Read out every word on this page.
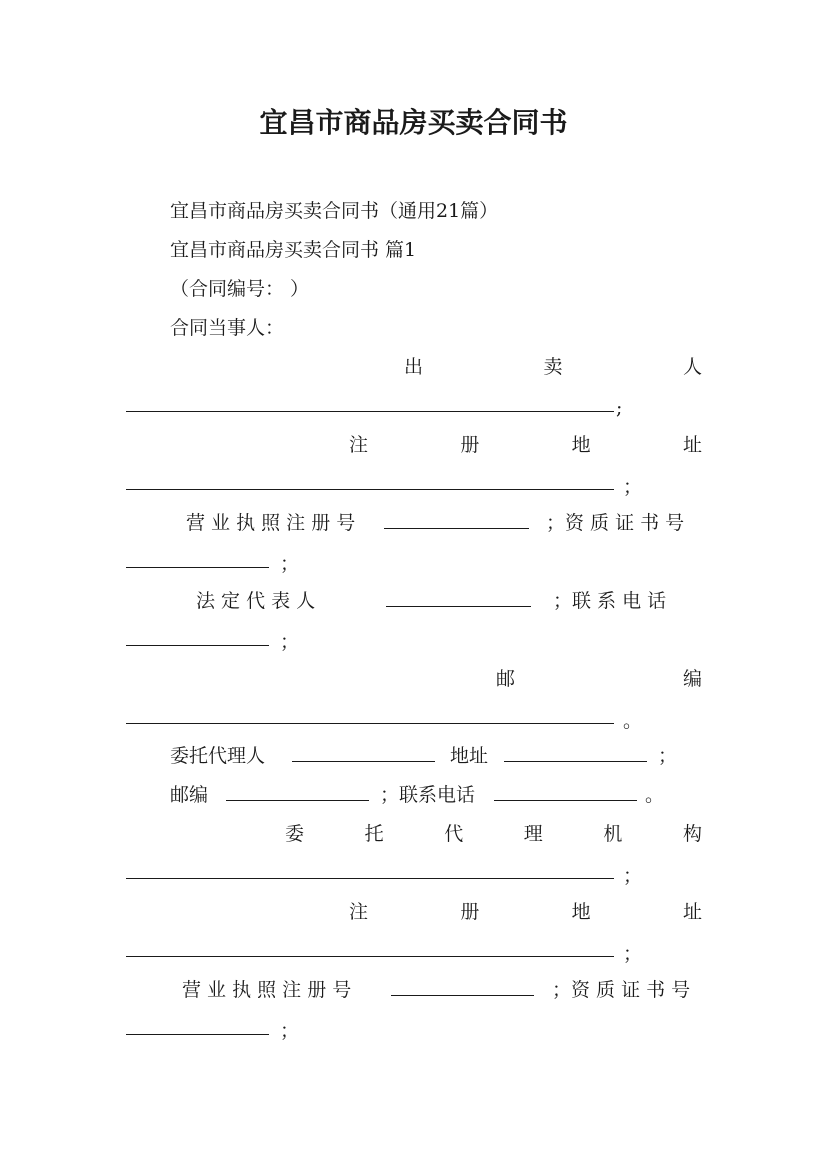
宜昌市商品房买卖合同书
宜昌市商品房买卖合同书（通用21篇）
宜昌市商品房买卖合同书 篇1
（合同编号： ）
合同当事人：
出	卖	人
;
注	册	地	址
；
营 业 执 照 注 册 号	；资 质 证 书 号
；
法 定 代 表 人	；联 系 电 话
；
邮	编
。
委托代理人	地址	；
邮编	；联系电话	。
委	托	代	理	机	构
；
注	册	地	址
；
营 业 执 照 注 册 号	；资 质 证 书 号
；
